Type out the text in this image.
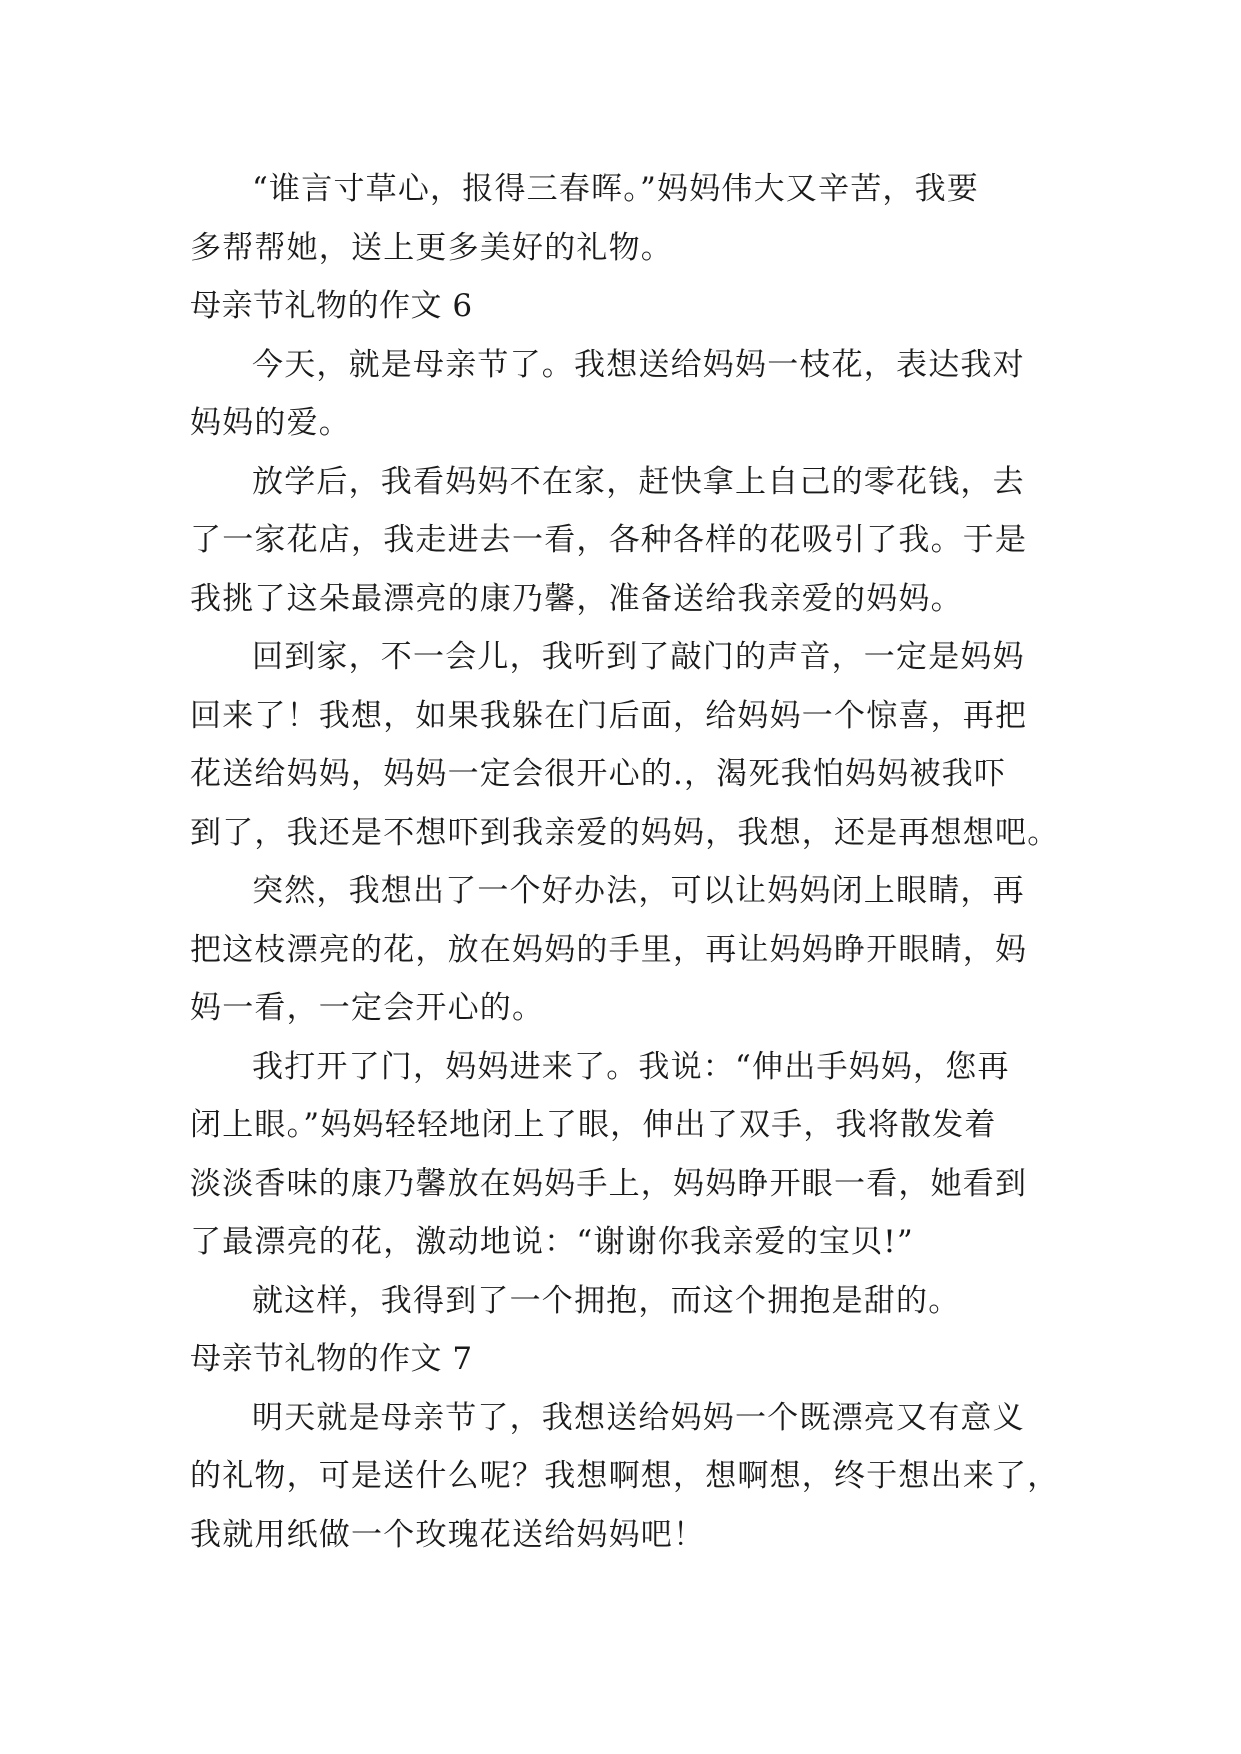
“谁言寸草心，报得三春晖。”妈妈伟大又辛苦，我要
多帮帮她，送上更多美好的礼物。
母亲节礼物的作文 6
今天，就是母亲节了。我想送给妈妈一枝花，表达我对
妈妈的爱。
放学后，我看妈妈不在家，赶快拿上自己的零花钱，去
了一家花店，我走进去一看，各种各样的花吸引了我。于是
我挑了这朵最漂亮的康乃馨，准备送给我亲爱的妈妈。
回到家，不一会儿，我听到了敲门的声音，一定是妈妈
回来了！我想，如果我躲在门后面，给妈妈一个惊喜，再把
花送给妈妈，妈妈一定会很开心的.，渴死我怕妈妈被我吓
到了，我还是不想吓到我亲爱的妈妈，我想，还是再想想吧。
突然，我想出了一个好办法，可以让妈妈闭上眼睛，再
把这枝漂亮的花，放在妈妈的手里，再让妈妈睁开眼睛，妈
妈一看，一定会开心的。
我打开了门，妈妈进来了。我说：“伸出手妈妈，您再
闭上眼。”妈妈轻轻地闭上了眼，伸出了双手，我将散发着
淡淡香味的康乃馨放在妈妈手上，妈妈睁开眼一看，她看到
了最漂亮的花，激动地说：“谢谢你我亲爱的宝贝!”
就这样，我得到了一个拥抱，而这个拥抱是甜的。
母亲节礼物的作文 7
明天就是母亲节了，我想送给妈妈一个既漂亮又有意义
的礼物，可是送什么呢？我想啊想，想啊想，终于想出来了，
我就用纸做一个玫瑰花送给妈妈吧！
